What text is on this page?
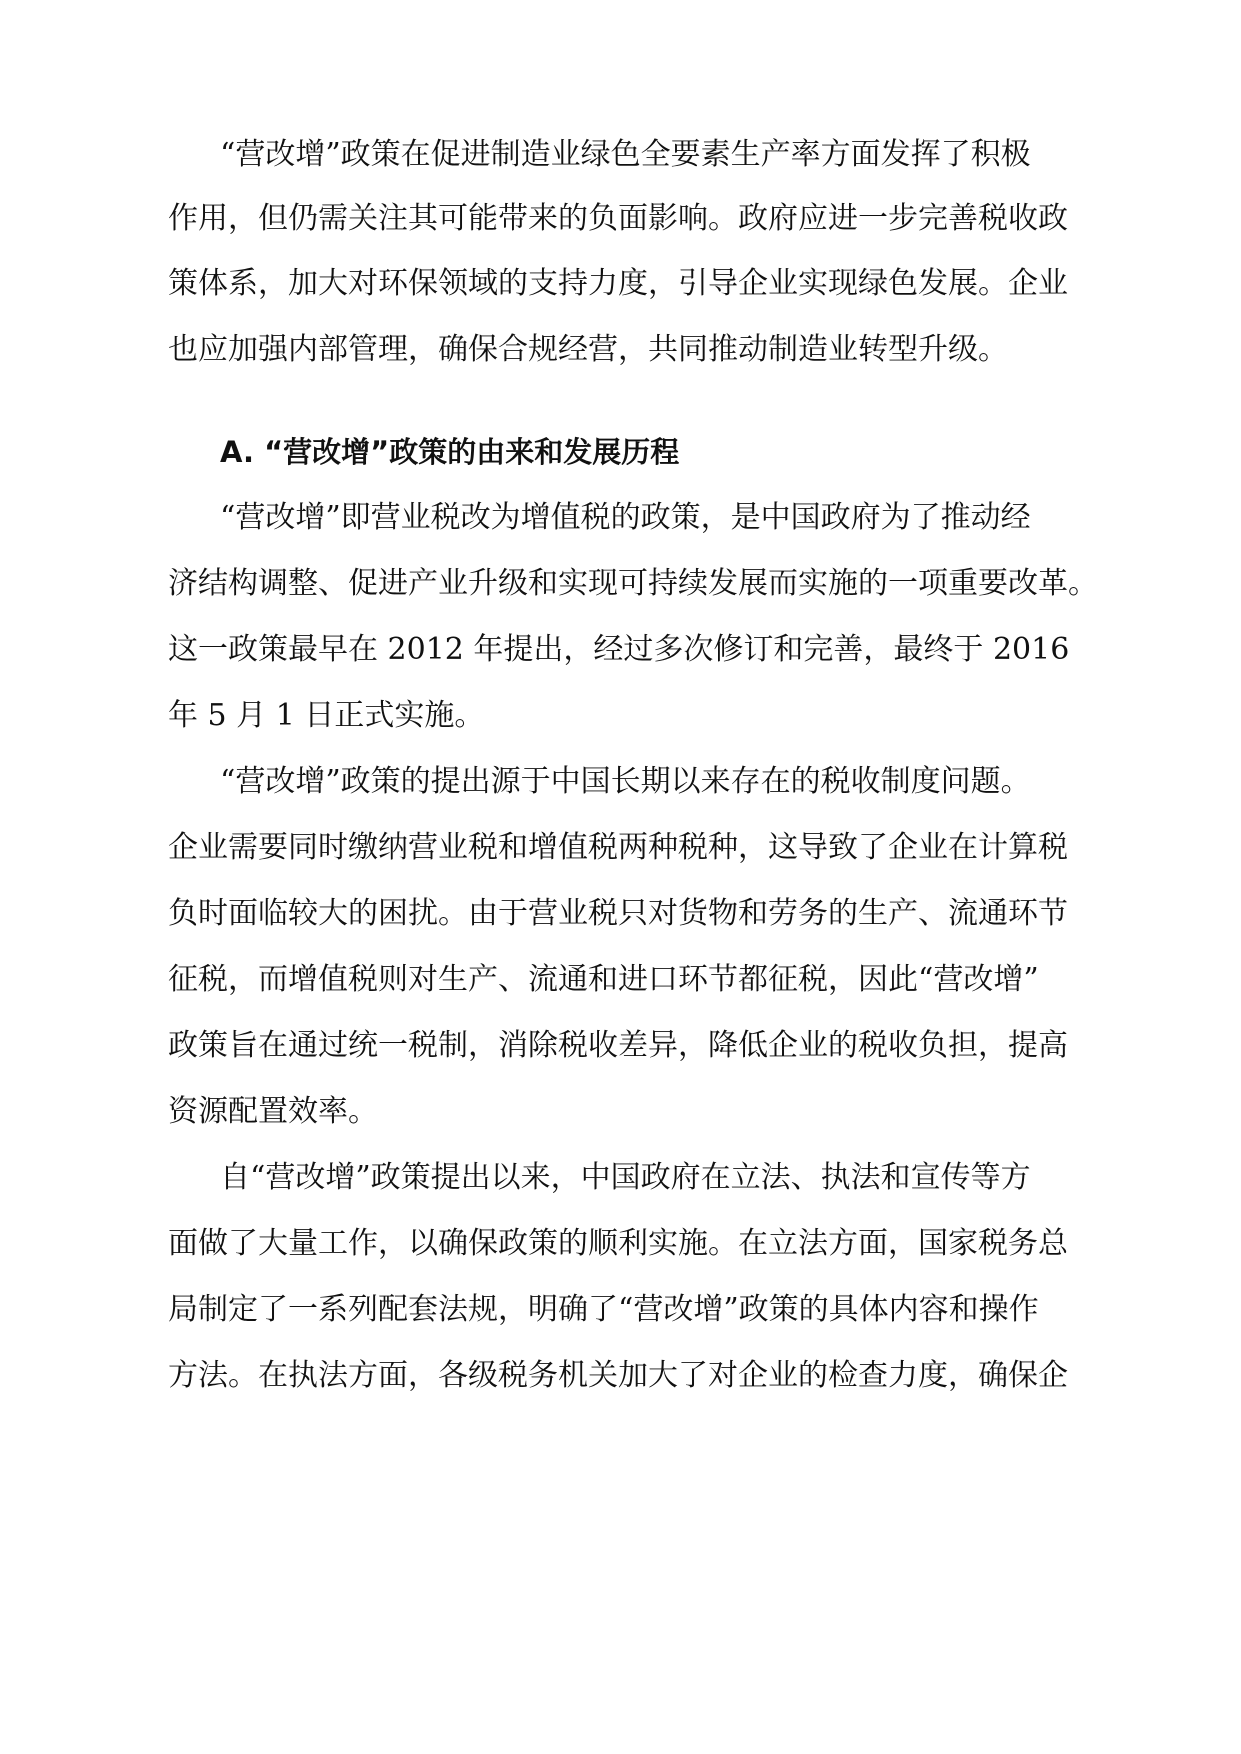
“营改增”政策在促进制造业绿色全要素生产率方面发挥了积极
作用，但仍需关注其可能带来的负面影响。政府应进一步完善税收政
策体系，加大对环保领域的支持力度，引导企业实现绿色发展。企业
也应加强内部管理，确保合规经营，共同推动制造业转型升级。
A. “营改增”政策的由来和发展历程
“营改增”即营业税改为增值税的政策，是中国政府为了推动经
济结构调整、促进产业升级和实现可持续发展而实施的一项重要改革。
这一政策最早在 2012 年提出，经过多次修订和完善，最终于 2016
年 5 月 1 日正式实施。
“营改增”政策的提出源于中国长期以来存在的税收制度问题。
企业需要同时缴纳营业税和增值税两种税种，这导致了企业在计算税
负时面临较大的困扰。由于营业税只对货物和劳务的生产、流通环节
征税，而增值税则对生产、流通和进口环节都征税，因此“营改增”
政策旨在通过统一税制，消除税收差异，降低企业的税收负担，提高
资源配置效率。
自“营改增”政策提出以来，中国政府在立法、执法和宣传等方
面做了大量工作，以确保政策的顺利实施。在立法方面，国家税务总
局制定了一系列配套法规，明确了“营改增”政策的具体内容和操作
方法。在执法方面，各级税务机关加大了对企业的检查力度，确保企
